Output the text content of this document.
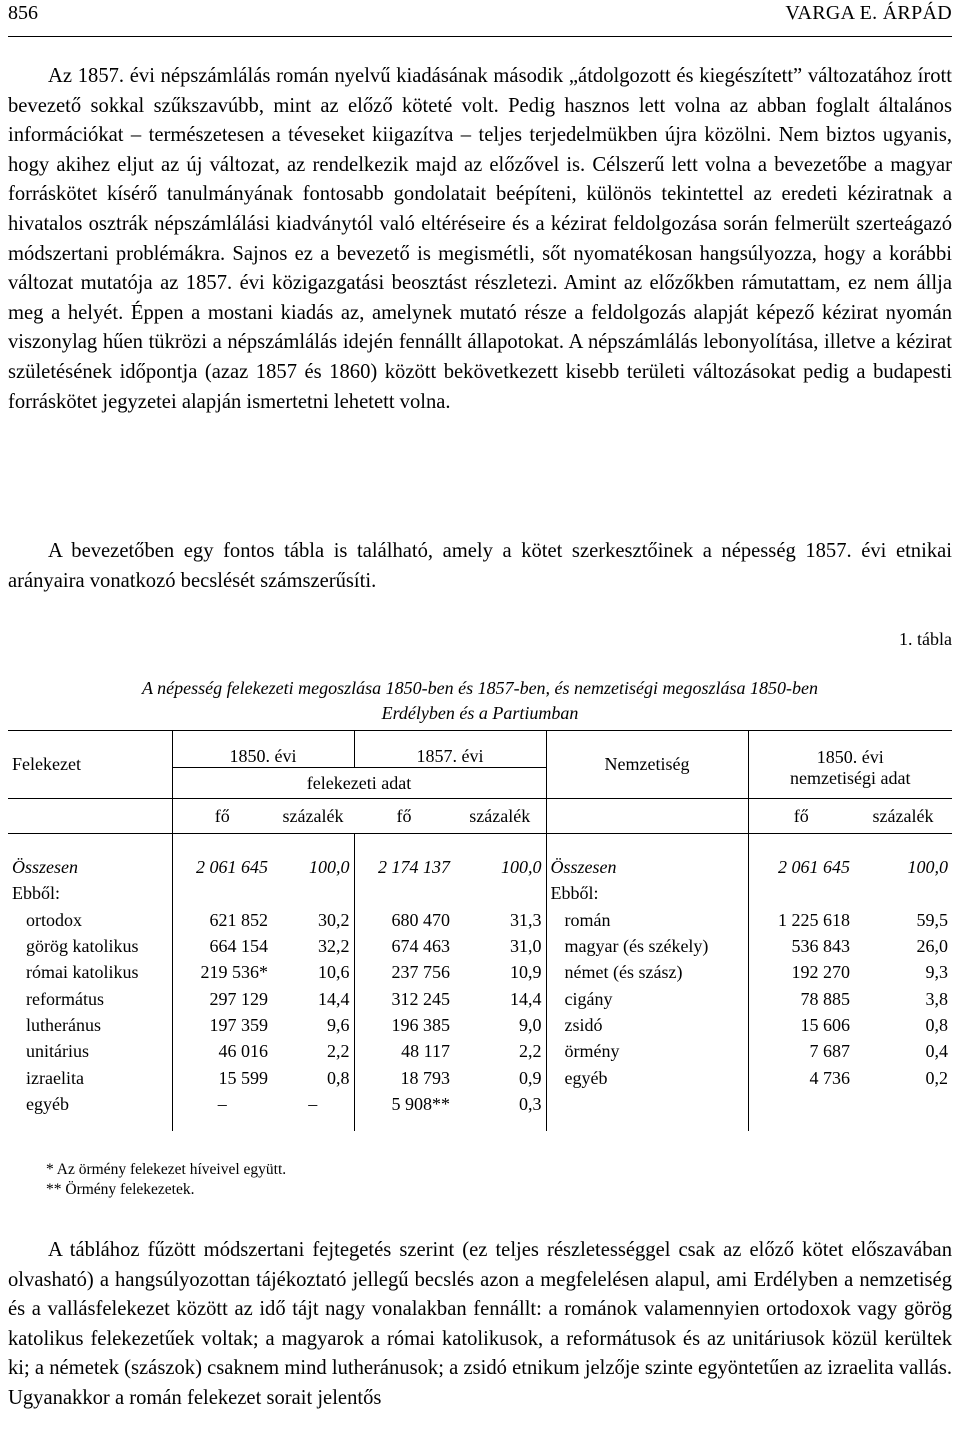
856	VARGA E. ÁRPÁD

Az 1857. évi népszámlálás román nyelvű kiadásának második „átdolgozott és kiegészített” változatához írott bevezető sokkal szűkszavúbb, mint az előző köteté volt. Pedig hasznos lett volna az abban foglalt általános információkat – természetesen a téveseket kiigazítva – teljes terjedelmükben újra közölni. Nem biztos ugyanis, hogy akihez eljut az új változat, az rendelkezik majd az előzővel is. Célszerű lett volna a bevezetőbe a magyar forráskötet kísérő tanulmányának fontosabb gondolatait beépíteni, különös tekintettel az eredeti kéziratnak a hivatalos osztrák népszámlálási kiadványtól való eltéréseire és a kézirat feldolgozása során felmerült szerteágazó módszertani problémákra. Sajnos ez a bevezető is megismétli, sőt nyomatékosan hangsúlyozza, hogy a korábbi változat mutatója az 1857. évi közigazgatási beosztást részletezi. Amint az előzőkben rámutattam, ez nem állja meg a helyét. Éppen a mostani kiadás az, amelynek mutató része a feldolgozás alapját képező kézirat nyomán viszonylag hűen tükrözi a népszámlálás idején fennállt állapotokat. A népszámlálás lebonyolítása, illetve a kézirat születésének időpontja (azaz 1857 és 1860) között bekövetkezett kisebb területi változásokat pedig a budapesti forráskötet jegyzetei alapján ismertetni lehetett volna.

A bevezetőben egy fontos tábla is található, amely a kötet szerkesztőinek a népesség 1857. évi etnikai arányaira vonatkozó becslését számszerűsíti.

1. tábla
A népesség felekezeti megoszlása 1850-ben és 1857-ben, és nemzetiségi megoszlása 1850-ben
Erdélyben és a Partiumban
Felekezet	1850. évi		1857. évi		Nemzetiség	1850. évi	
	felekezeti adat					nemzetiségi adat	
	fő	százalék	fő	százalék		fő	százalék

Összesen	2 061 645	100,0	2 174 137	100,0	Összesen	2 061 645	100,0
Ebből:					Ebből:		
ortodox	621 852	30,2	680 470	31,3	román	1 225 618	59,5
görög katolikus	664 154	32,2	674 463	31,0	magyar (és székely)	536 843	26,0
római katolikus	219 536*	10,6	237 756	10,9	német (és szász)	192 270	9,3
református	297 129	14,4	312 245	14,4	cigány	78 885	3,8
lutheránus	197 359	9,6	196 385	9,0	zsidó	15 606	0,8
unitárius	46 016	2,2	48 117	2,2	örmény	7 687	0,4
izraelita	15 599	0,8	18 793	0,9	egyéb	4 736	0,2
egyéb	–	–	5 908**	0,3			

* Az örmény felekezet híveivel együtt.
** Örmény felekezetek.

A táblához fűzött módszertani fejtegetés szerint (ez teljes részletességgel csak az előző kötet előszavában olvasható) a hangsúlyozottan tájékoztató jellegű becslés azon a megfelelésen alapul, ami Erdélyben a nemzetiség és a vallásfelekezet között az idő tájt nagy vonalakban fennállt: a románok valamennyien ortodoxok vagy görög katolikus felekezetűek voltak; a magyarok a római katolikusok, a reformátusok és az unitáriusok közül kerültek ki; a németek (szászok) csaknem mind lutheránusok; a zsidó etnikum jelzője szinte egyöntetűen az izraelita vallás. Ugyanakkor a román felekezet sorait jelentős
